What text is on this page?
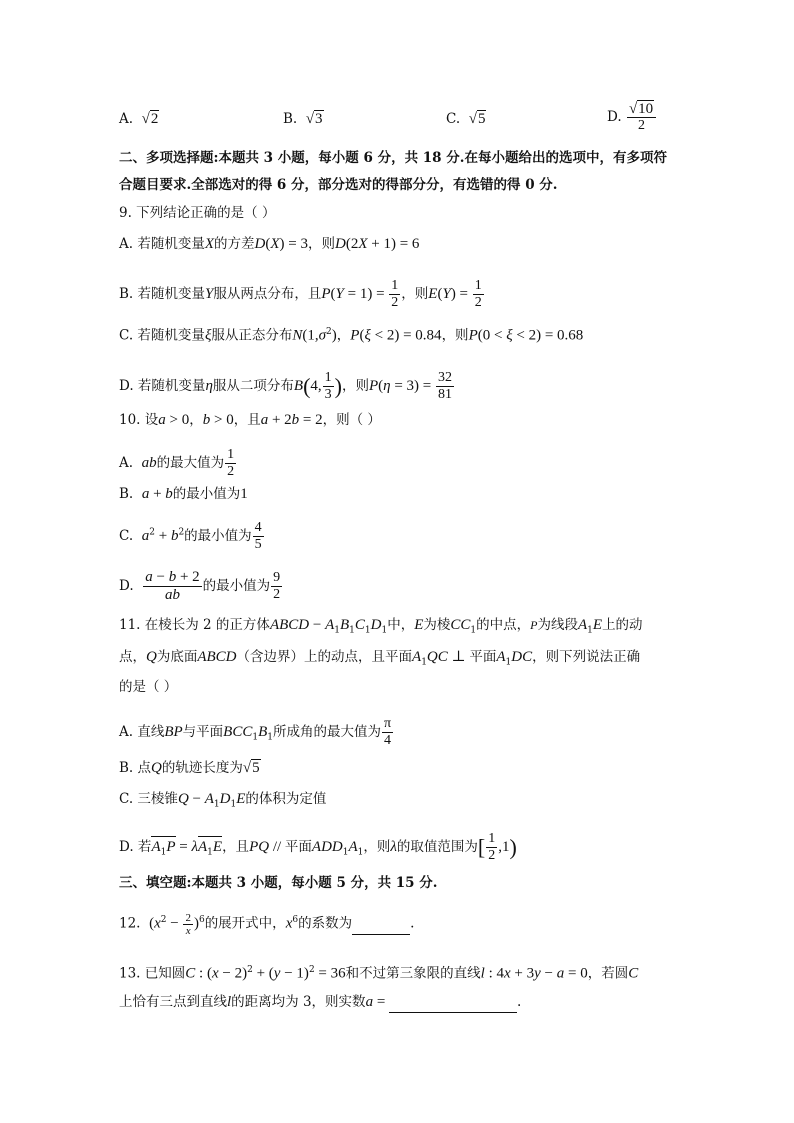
A. √2	B. √3	C. √5	D. $\frac{√10}{2}$
二、多项选择题:本题共 3 小题，每小题 6 分，共 18 分.在每小题给出的选项中，有多项符
合题目要求.全部选对的得 6 分，部分选对的得部分分，有选错的得 0 分.
9. 下列结论正确的是（ ）
A. 若随机变量X的方差D(X) = 3，则D(2X + 1) = 6
B. 若随机变量Y服从两点分布，且$P(Y = 1) = \frac{1}{2}$ ，则$E(Y) = \frac{1}{2}$
C. 若随机变量ξ服从正态分布$N(1,\sigma^2)$，P(ξ < 2) = 0.84，则P(0 < ξ < 2) = 0.68
D. 若随机变量η服从二项分布B(4, $\frac{1}{3}$ )，则$P(\eta = 3) = \frac{32}{81}$
10. 设a > 0，b > 0，且a + 2b = 2，则（ ）
A. ab的最大值为 $\frac{1}{2}$
B. a + b的最小值为1
C. $a^2 + b^2$的最小值为 $\frac{4}{5}$
D. $\frac{a - b + 2}{ab}$ 的最小值为 $\frac{9}{2}$
11. 在棱长为 2 的正方体ABCD − $A_1B_1C_1D_1$中，E为棱$CC_1$的中点，P为线段$A_1E$上的动
点，Q为底面ABCD（含边界）上的动点，且平面$A_1QC$ ⊥ 平面$A_1DC$，则下列说法正确
的是（ ）
A. 直线BP与平面$BCC_1B_1$所成角的最大值为 $\frac{\pi}{4}$
B. 点Q的轨迹长度为√5
C. 三棱锥$Q - A_1D_1E$的体积为定值
D. 若$A_1P = \lambda A_1E$，且PQ // 平面$ADD_1A_1$，则λ的取值范围为[ $\frac{1}{2} ,1$)
三、填空题:本题共 3 小题，每小题 5 分，共 15 分.
12. $(x^2 - \frac{2}{x} )^6$的展开式中，$x^6$的系数为	.
13. 已知圆C : $(x - 2)^2 + (y - 1)^2 = 36$和不过第三象限的直线l : 4x + 3y − a = 0，若圆C
上恰有三点到直线l的距离均为 3，则实数a =	.
